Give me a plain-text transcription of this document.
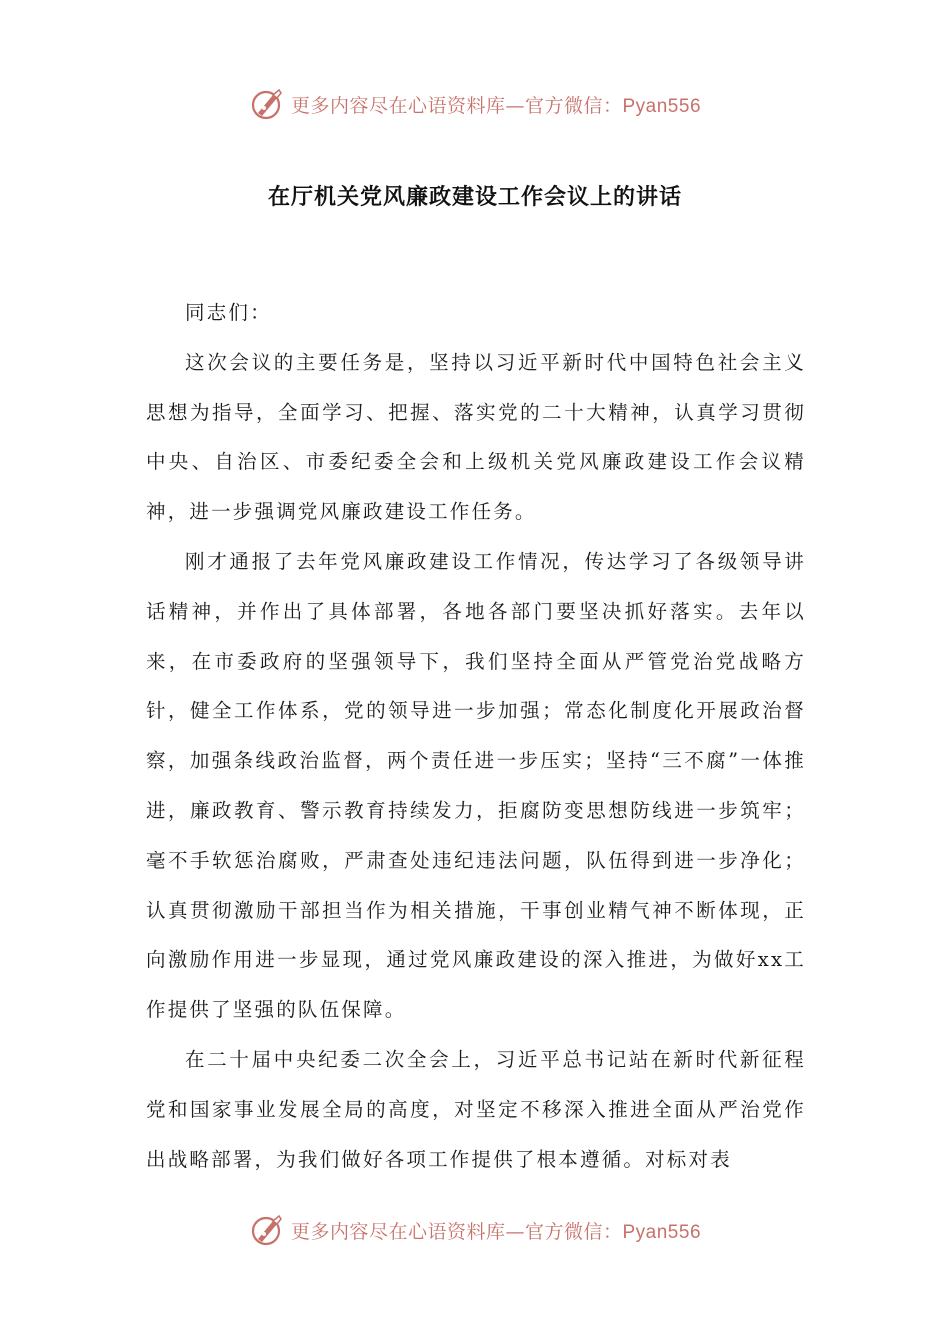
更多内容尽在心语资料库—官方微信：Pyan556
在厅机关党风廉政建设工作会议上的讲话

同志们：

这次会议的主要任务是，坚持以习近平新时代中国特色社会主义思想为指导，全面学习、把握、落实党的二十大精神，认真学习贯彻中央、自治区、市委纪委全会和上级机关党风廉政建设工作会议精神，进一步强调党风廉政建设工作任务。

刚才通报了去年党风廉政建设工作情况，传达学习了各级领导讲话精神，并作出了具体部署，各地各部门要坚决抓好落实。去年以来，在市委政府的坚强领导下，我们坚持全面从严管党治党战略方针，健全工作体系，党的领导进一步加强；常态化制度化开展政治督察，加强条线政治监督，两个责任进一步压实；坚持“三不腐”一体推进，廉政教育、警示教育持续发力，拒腐防变思想防线进一步筑牢；毫不手软惩治腐败，严肃查处违纪违法问题，队伍得到进一步净化；认真贯彻激励干部担当作为相关措施，干事创业精气神不断体现，正向激励作用进一步显现，通过党风廉政建设的深入推进，为做好xx工作提供了坚强的队伍保障。

在二十届中央纪委二次全会上，习近平总书记站在新时代新征程党和国家事业发展全局的高度，对坚定不移深入推进全面从严治党作出战略部署，为我们做好各项工作提供了根本遵循。对标对表

更多内容尽在心语资料库—官方微信：Pyan556
